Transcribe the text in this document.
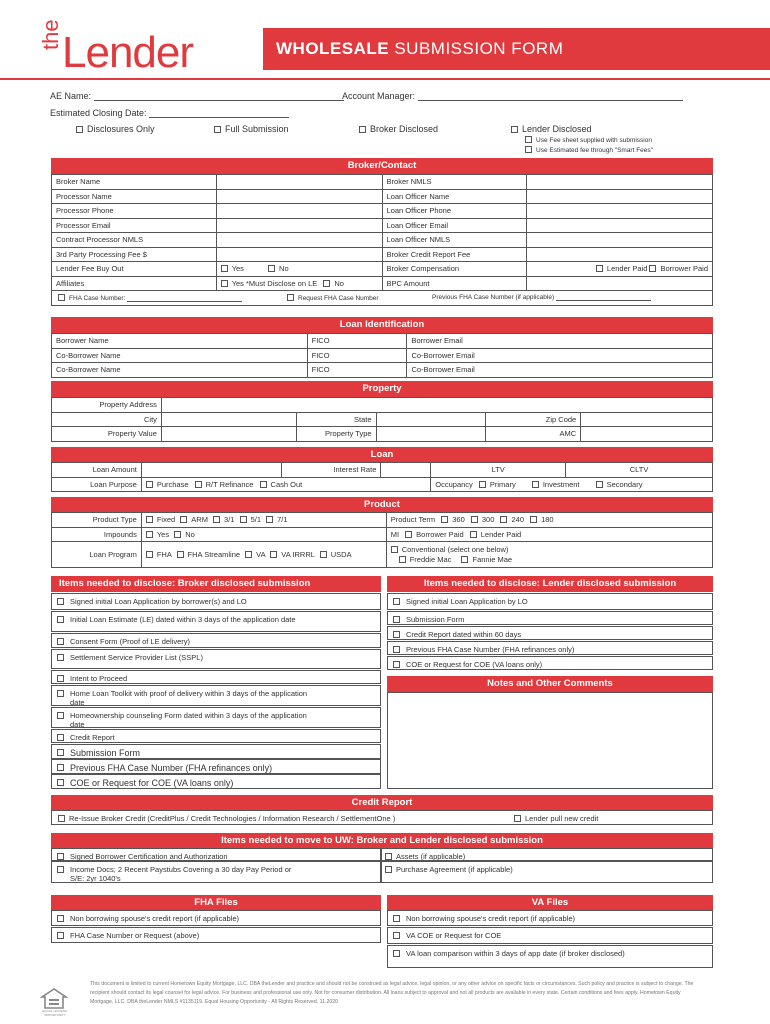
the Lender	WHOLESALE SUBMISSION FORM
AE Name:	Account Manager:
Estimated Closing Date:
Disclosures Only	Full Submission	Broker Disclosed	Lender Disclosed
Use Fee sheet supplied with submission
Use Estimated fee through "Smart Fees"
Broker/Contact
Broker Name		Broker NMLS	
Processor Name		Loan Officer Name	
Processor Phone		Loan Officer Phone	
Processor Email		Loan Officer Email	
Contract Processor NMLS		Loan Officer NMLS	
3rd Party Processing Fee $		Broker Credit Report Fee	
Lender Fee Buy Out	Yes No	Broker Compensation	Lender Paid Borrower Paid
Affiliates	Yes *Must Disclose on LE No	BPC Amount	
FHA Case Number:	Request FHA Case Number	Previous FHA Case Number (if applicable)
Loan Identification
Borrower Name	FICO	Borrower Email
Co-Borrower Name	FICO	Co-Borrower Email
Co-Borrower Name	FICO	Co-Borrower Email
Property
Property Address					
City		State		Zip Code	
Property Value		Property Type		AMC	
Loan
Loan Amount		Interest Rate		LTV	CLTV
Loan Purpose	Purchase R/T Refinance Cash Out			Occupancy Primary Investment Secondary	
Product
Product Type	Fixed ARM 3/1 5/1 7/1	Product Term 360 300 240 180
Impounds	Yes No	MI Borrower Paid Lender Paid
Loan Program	FHA FHA Streamline VA VA IRRRL USDA	Conventional (select one below)
Freddie Mac Fannie Mae
Items needed to disclose: Broker disclosed submission
Signed initial Loan Application by borrower(s) and LO
Initial Loan Estimate (LE) dated within 3 days of the application date
Consent Form (Proof of LE delivery)
Settlement Service Provider List (SSPL)
Intent to Proceed
Home Loan Toolkit with proof of delivery within 3 days of the application date
Homeownership counseling Form dated within 3 days of the application date
Credit Report
Submission Form
Previous FHA Case Number (FHA refinances only)
COE or Request for COE (VA loans only)
Items needed to disclose: Lender disclosed submission
Signed initial Loan Application by LO
Submission Form
Credit Report dated within 60 days
Previous FHA Case Number (FHA refinances only)
COE or Request for COE (VA loans only)
Notes and Other Comments
Credit Report
Re-Issue Broker Credit (CreditPlus / Credit Technologies / Information Research / SettlementOne )	Lender pull new credit
Items needed to move to UW: Broker and Lender disclosed submission
Signed Borrower Certification and Authorization
Income Docs; 2 Recent Paystubs Covering a 30 day Pay Period or S/E: 2yr 1040's
Assets (if applicable)
Purchase Agreement (if applicable)
FHA Files
Non borrowing spouse's credit report (if applicable)
FHA Case Number or Request (above)
VA Files
Non borrowing spouse's credit report (if applicable)
VA COE or Request for COE
VA loan comparison within 3 days of app date (if broker disclosed)
EQUAL HOUSING OPPORTUNITY
This document is limited to current Hometown Equity Mortgage, LLC. DBA theLender and practice and should not be construed as legal advice, legal opinion, or any other advice on specific facts or circumstances. Such policy and practice is subject to change. The recipient should contact its legal counsel for legal advice. For business and professional use only. Not for consumer distribution. All loans subject to approval and not all products are available in every state. Certain conditions and fees apply. Hometown Equity Mortgage, LLC. DBA theLender NMLS #1135119. Equal Housing Opportunity - All Rights Reserved. 11.2020
